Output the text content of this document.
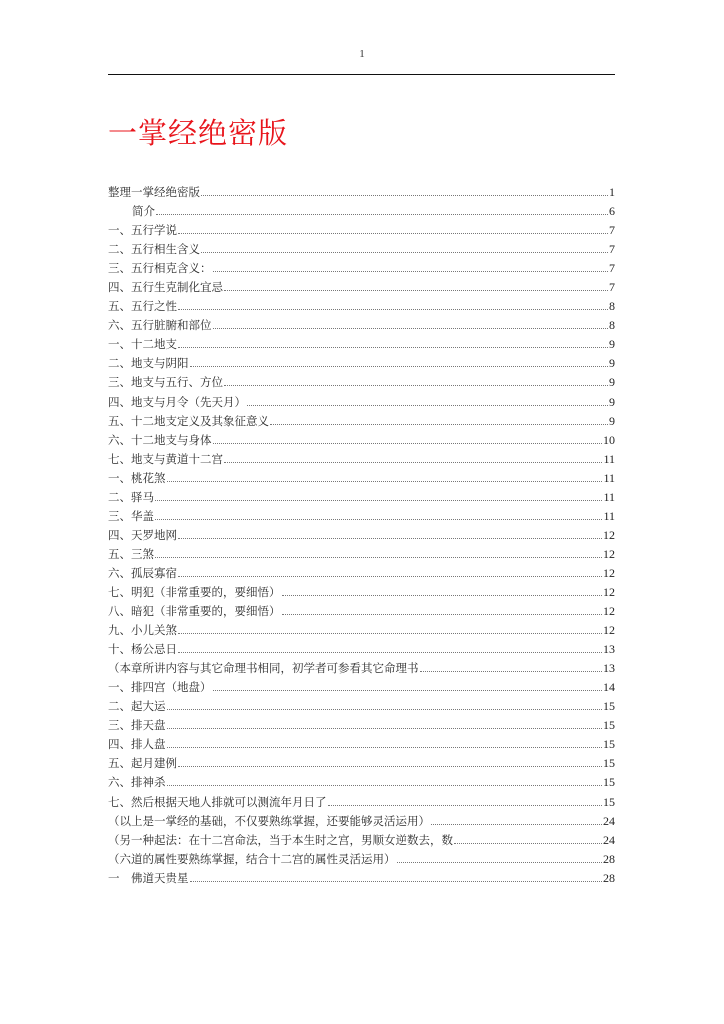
1
一掌经绝密版
整理一掌经绝密版	1
简介	6
一、五行学说	7
二、五行相生含义	7
三、五行相克含义：	7
四、五行生克制化宜忌	7
五、五行之性	8
六、五行脏腑和部位	8
一、十二地支	9
二、地支与阴阳	9
三、地支与五行、方位	9
四、地支与月令（先天月）	9
五、十二地支定义及其象征意义	9
六、十二地支与身体	10
七、地支与黄道十二宫	11
一、桃花煞	11
二、驿马	11
三、华盖	11
四、天罗地网	12
五、三煞	12
六、孤辰寡宿	12
七、明犯（非常重要的，要细悟）	12
八、暗犯（非常重要的，要细悟）	12
九、小儿关煞	12
十、杨公忌日	13
（本章所讲内容与其它命理书相同，初学者可参看其它命理书	13
一、排四宫（地盘）	14
二、起大运	15
三、排天盘	15
四、排人盘	15
五、起月建例	15
六、排神杀	15
七、然后根据天地人排就可以测流年月日了	15
（以上是一掌经的基础，不仅要熟练掌握，还要能够灵活运用）	24
（另一种起法：在十二宫命法，当于本生时之宫，男顺女逆数去，数	24
（六道的属性要熟练掌握，结合十二宫的属性灵活运用）	28
一　佛道天贵星	28
